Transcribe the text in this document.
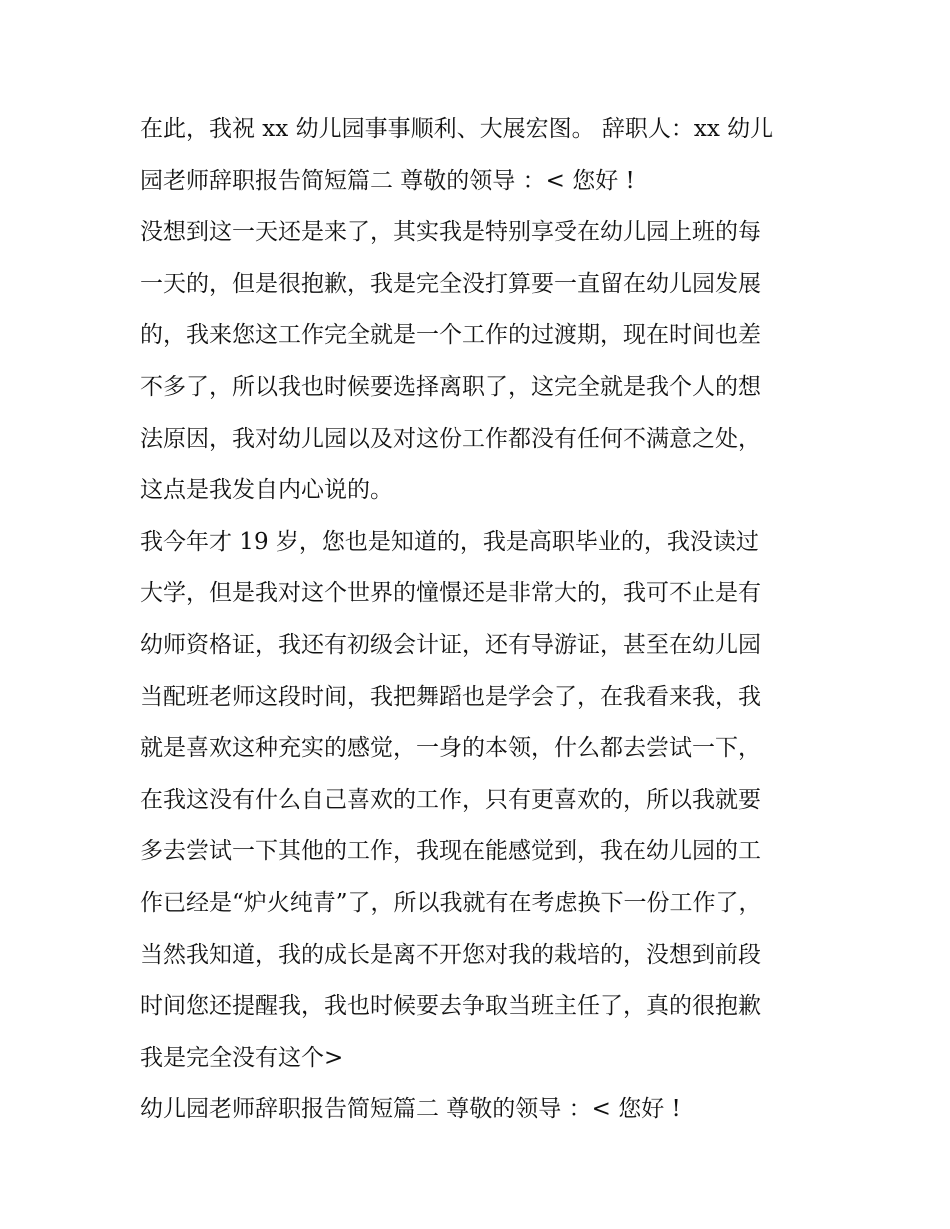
在此，我祝 xx 幼儿园事事顺利、大展宏图。 辞职人：xx 幼儿
园老师辞职报告简短篇二 尊敬的领导 ：< 您好 !
没想到这一天还是来了，其实我是特别享受在幼儿园上班的每
一天的，但是很抱歉，我是完全没打算要一直留在幼儿园发展
的，我来您这工作完全就是一个工作的过渡期，现在时间也差
不多了，所以我也时候要选择离职了，这完全就是我个人的想
法原因，我对幼儿园以及对这份工作都没有任何不满意之处，
这点是我发自内心说的。
我今年才 19 岁，您也是知道的，我是高职毕业的，我没读过
大学，但是我对这个世界的憧憬还是非常大的，我可不止是有
幼师资格证，我还有初级会计证，还有导游证，甚至在幼儿园
当配班老师这段时间，我把舞蹈也是学会了，在我看来我，我
就是喜欢这种充实的感觉，一身的本领，什么都去尝试一下，
在我这没有什么自己喜欢的工作，只有更喜欢的，所以我就要
多去尝试一下其他的工作，我现在能感觉到，我在幼儿园的工
作已经是“炉火纯青”了，所以我就有在考虑换下一份工作了，
当然我知道，我的成长是离不开您对我的栽培的，没想到前段
时间您还提醒我，我也时候要去争取当班主任了，真的很抱歉
我是完全没有这个>
幼儿园老师辞职报告简短篇二 尊敬的领导 ：< 您好 !
